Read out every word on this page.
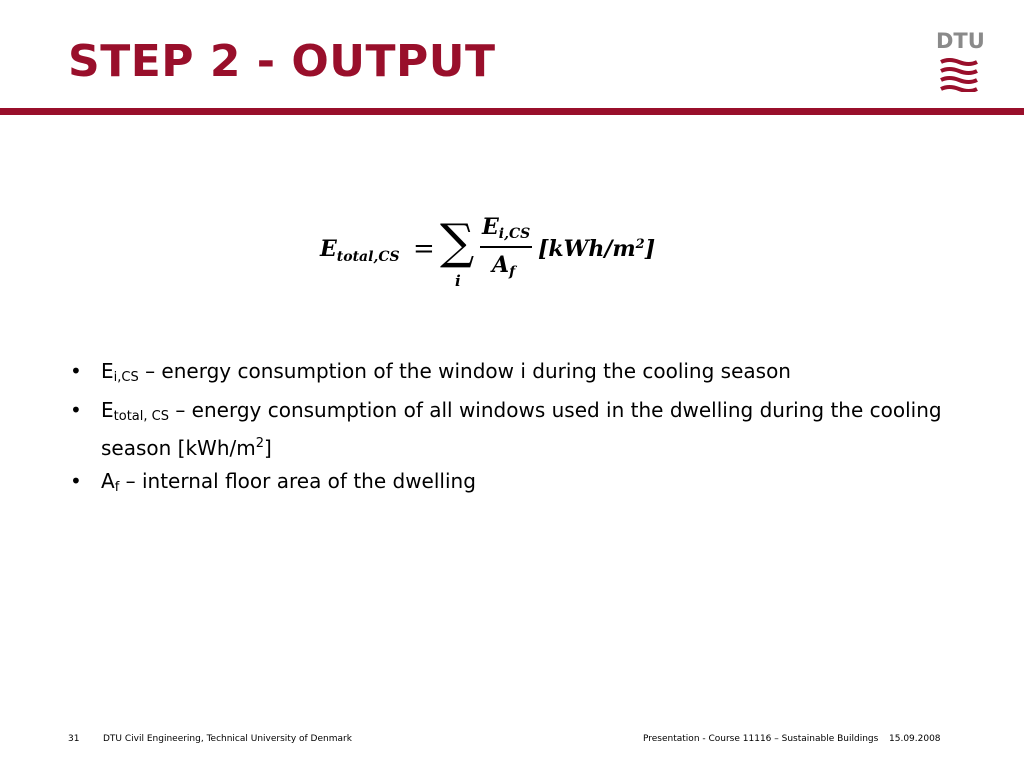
STEP 2 - OUTPUT	DTU
$E_{total,CS}$ = ∑
i
$E_{i,CS}$
$A_f$
$[kWh/m^2]$
• $E_{i,CS}$ – energy consumption of the window i during the cooling season
• $E_{total, CS}$ – energy consumption of all windows used in the dwelling during the cooling season $[kWh/m^2]$
• $A_f$ – internal floor area of the dwelling
31	DTU Civil Engineering, Technical University of Denmark	Presentation - Course 11116 – Sustainable Buildings 15.09.2008
